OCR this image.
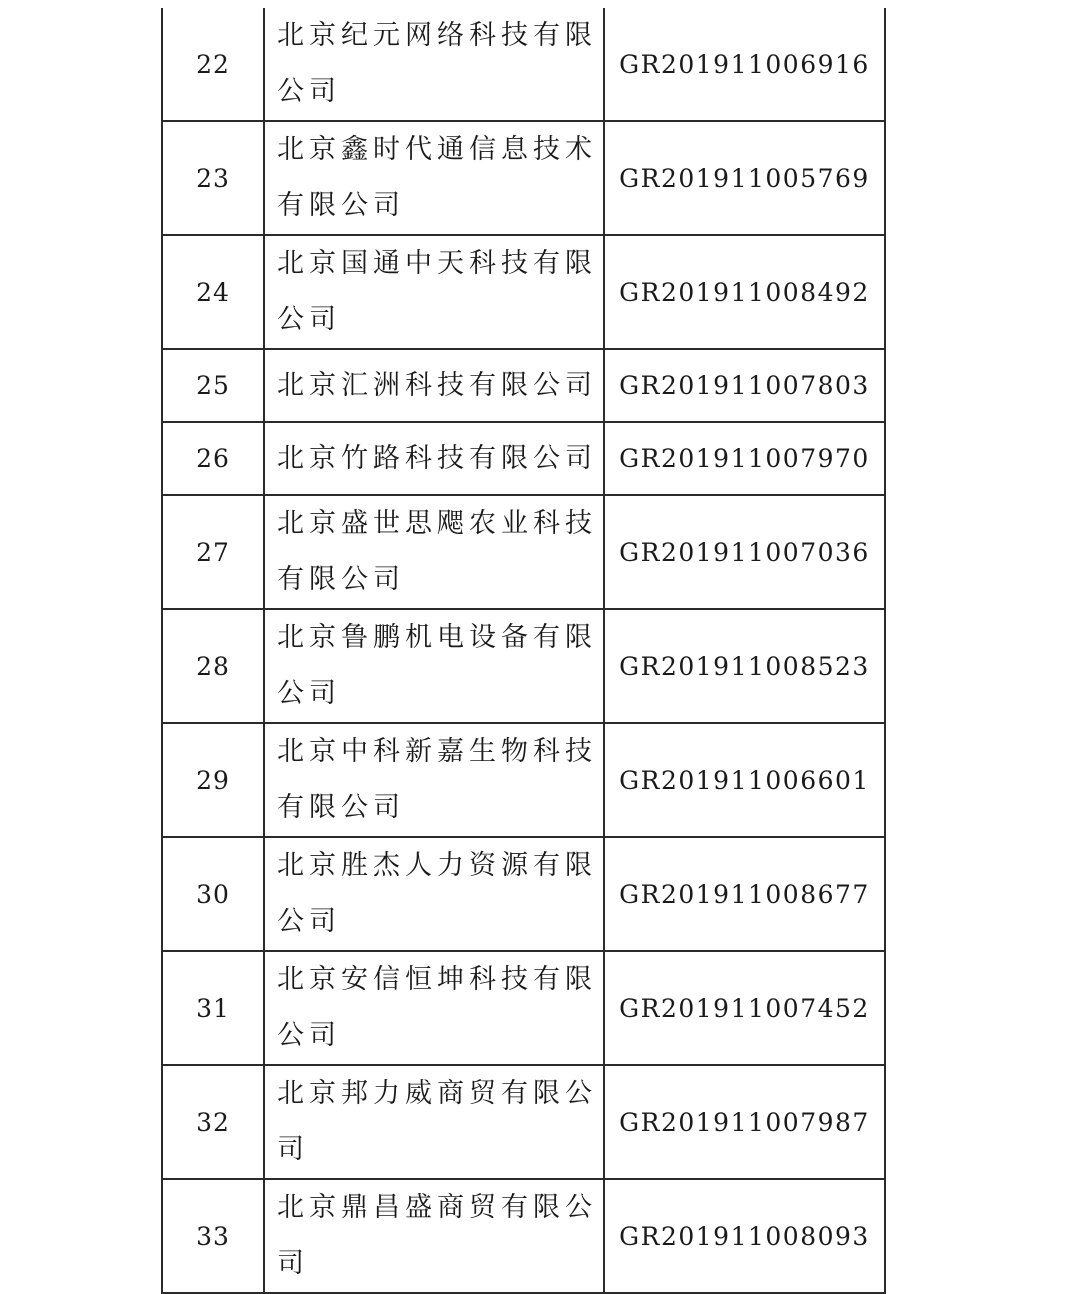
22	北京纪元网络科技有限公司	GR201911006916
23	北京鑫时代通信息技术有限公司	GR201911005769
24	北京国通中天科技有限公司	GR201911008492
25	北京汇洲科技有限公司	GR201911007803
26	北京竹路科技有限公司	GR201911007970
27	北京盛世思飔农业科技有限公司	GR201911007036
28	北京鲁鹏机电设备有限公司	GR201911008523
29	北京中科新嘉生物科技有限公司	GR201911006601
30	北京胜杰人力资源有限公司	GR201911008677
31	北京安信恒坤科技有限公司	GR201911007452
32	北京邦力威商贸有限公司	GR201911007987
33	北京鼎昌盛商贸有限公司	GR201911008093
